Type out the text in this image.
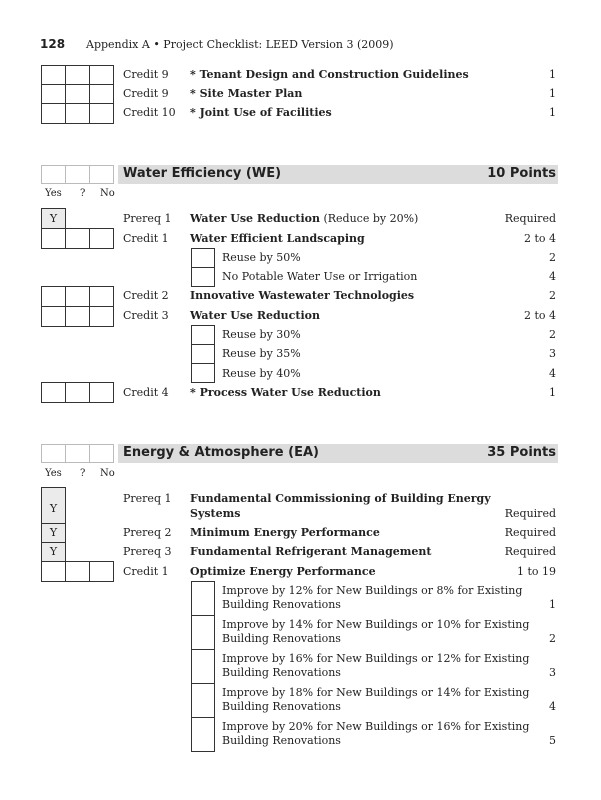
128 Appendix A • Project Checklist: LEED Version 3 (2009)
Credit 9 * Tenant Design and Construction Guidelines	1
Credit 9 * Site Master Plan	1
Credit 10 * Joint Use of Facilities	1
Water Efficiency (WE)	10 Points
Yes ? No
Y	Prereq 1 Water Use Reduction (Reduce by 20%)	Required
Credit 1 Water Efficient Landscaping	2 to 4
Reuse by 50%	2
No Potable Water Use or Irrigation	4
Credit 2 Innovative Wastewater Technologies	2
Credit 3 Water Use Reduction	2 to 4
Reuse by 30%	2
Reuse by 35%	3
Reuse by 40%	4
Credit 4 * Process Water Use Reduction	1
Energy & Atmosphere (EA)	35 Points
Yes ? No
Y
Prereq 1 Fundamental Commissioning of Building Energy
Systems	Required
Y	Prereq 2 Minimum Energy Performance	Required
Y	Prereq 3 Fundamental Refrigerant Management	Required
Credit 1 Optimize Energy Performance	1 to 19
Improve by 12% for New Buildings or 8% for Existing
Building Renovations	1
Improve by 14% for New Buildings or 10% for Existing
Building Renovations	2
Improve by 16% for New Buildings or 12% for Existing
Building Renovations	3
Improve by 18% for New Buildings or 14% for Existing
Building Renovations	4
Improve by 20% for New Buildings or 16% for Existing
Building Renovations	5
